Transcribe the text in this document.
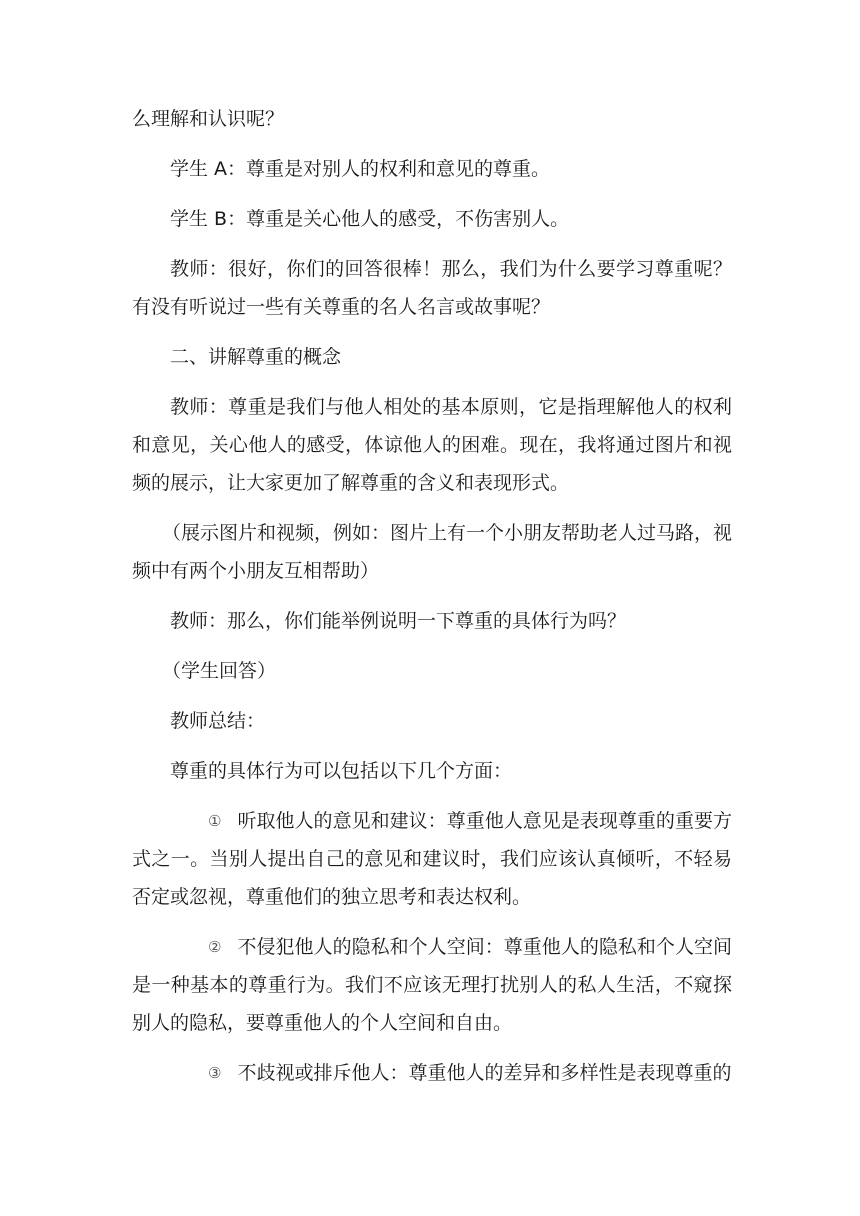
么理解和认识呢？

学生 A：尊重是对别人的权利和意见的尊重。

学生 B：尊重是关心他人的感受，不伤害别人。

教师：很好，你们的回答很棒！那么，我们为什么要学习尊重呢？有没有听说过一些有关尊重的名人名言或故事呢？

二、讲解尊重的概念

教师：尊重是我们与他人相处的基本原则，它是指理解他人的权利和意见，关心他人的感受，体谅他人的困难。现在，我将通过图片和视频的展示，让大家更加了解尊重的含义和表现形式。

（展示图片和视频，例如：图片上有一个小朋友帮助老人过马路，视频中有两个小朋友互相帮助）

教师：那么，你们能举例说明一下尊重的具体行为吗？

（学生回答）

教师总结：

尊重的具体行为可以包括以下几个方面：

① 听取他人的意见和建议：尊重他人意见是表现尊重的重要方式之一。当别人提出自己的意见和建议时，我们应该认真倾听，不轻易否定或忽视，尊重他们的独立思考和表达权利。

② 不侵犯他人的隐私和个人空间：尊重他人的隐私和个人空间是一种基本的尊重行为。我们不应该无理打扰别人的私人生活，不窥探别人的隐私，要尊重他人的个人空间和自由。

③ 不歧视或排斥他人：尊重他人的差异和多样性是表现尊重的
